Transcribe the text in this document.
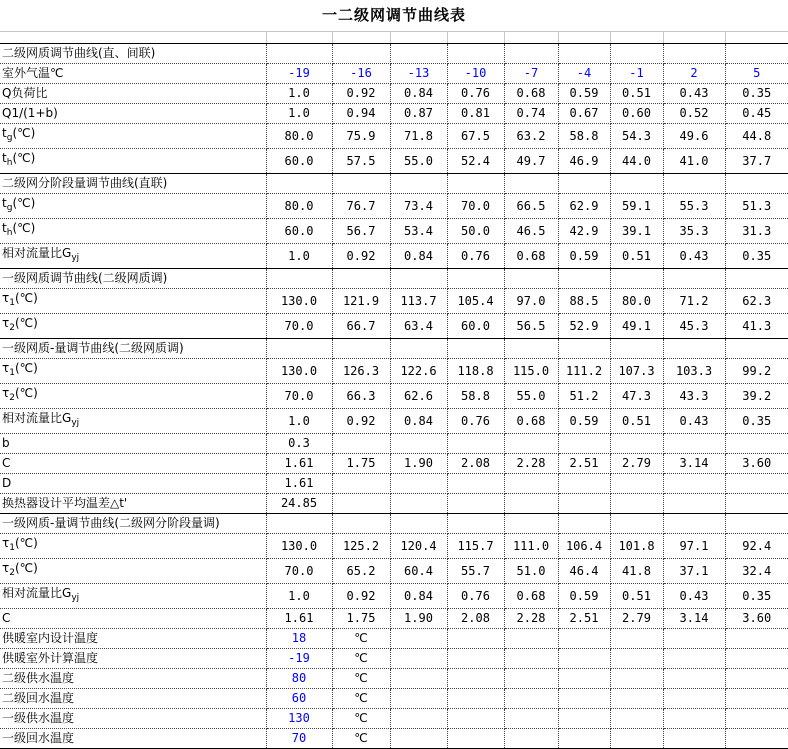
一二级网调节曲线表
二级网质调节曲线(直、间联)									
室外气温℃	-19	-16	-13	-10	-7	-4	-1	2	5
Q负荷比	1.0	0.92	0.84	0.76	0.68	0.59	0.51	0.43	0.35
Q1/(1+b)	1.0	0.94	0.87	0.81	0.74	0.67	0.60	0.52	0.45
$t_g(℃)$	80.0	75.9	71.8	67.5	63.2	58.8	54.3	49.6	44.8
$t_h(℃)$	60.0	57.5	55.0	52.4	49.7	46.9	44.0	41.0	37.7
二级网分阶段量调节曲线(直联)									
$t_g(℃)$	80.0	76.7	73.4	70.0	66.5	62.9	59.1	55.3	51.3
$t_h(℃)$	60.0	56.7	53.4	50.0	46.5	42.9	39.1	35.3	31.3
相对流量比$G_{yj}$	1.0	0.92	0.84	0.76	0.68	0.59	0.51	0.43	0.35
一级网质调节曲线(二级网质调)									
$\tau_1(℃)$	130.0	121.9	113.7	105.4	97.0	88.5	80.0	71.2	62.3
$\tau_2(℃)$	70.0	66.7	63.4	60.0	56.5	52.9	49.1	45.3	41.3
一级网质-量调节曲线(二级网质调)									
$\tau_1(℃)$	130.0	126.3	122.6	118.8	115.0	111.2	107.3	103.3	99.2
$\tau_2(℃)$	70.0	66.3	62.6	58.8	55.0	51.2	47.3	43.3	39.2
相对流量比$G_{yj}$	1.0	0.92	0.84	0.76	0.68	0.59	0.51	0.43	0.35
b	0.3								
C	1.61	1.75	1.90	2.08	2.28	2.51	2.79	3.14	3.60
D	1.61								
换热器设计平均温差△t'	24.85								
一级网质-量调节曲线(二级网分阶段量调)									
$\tau_1(℃)$	130.0	125.2	120.4	115.7	111.0	106.4	101.8	97.1	92.4
$\tau_2(℃)$	70.0	65.2	60.4	55.7	51.0	46.4	41.8	37.1	32.4
相对流量比$G_{yj}$	1.0	0.92	0.84	0.76	0.68	0.59	0.51	0.43	0.35
C	1.61	1.75	1.90	2.08	2.28	2.51	2.79	3.14	3.60
供暖室内设计温度	18	℃							
供暖室外计算温度	-19	℃							
二级供水温度	80	℃							
二级回水温度	60	℃							
一级供水温度	130	℃							
一级回水温度	70	℃							
